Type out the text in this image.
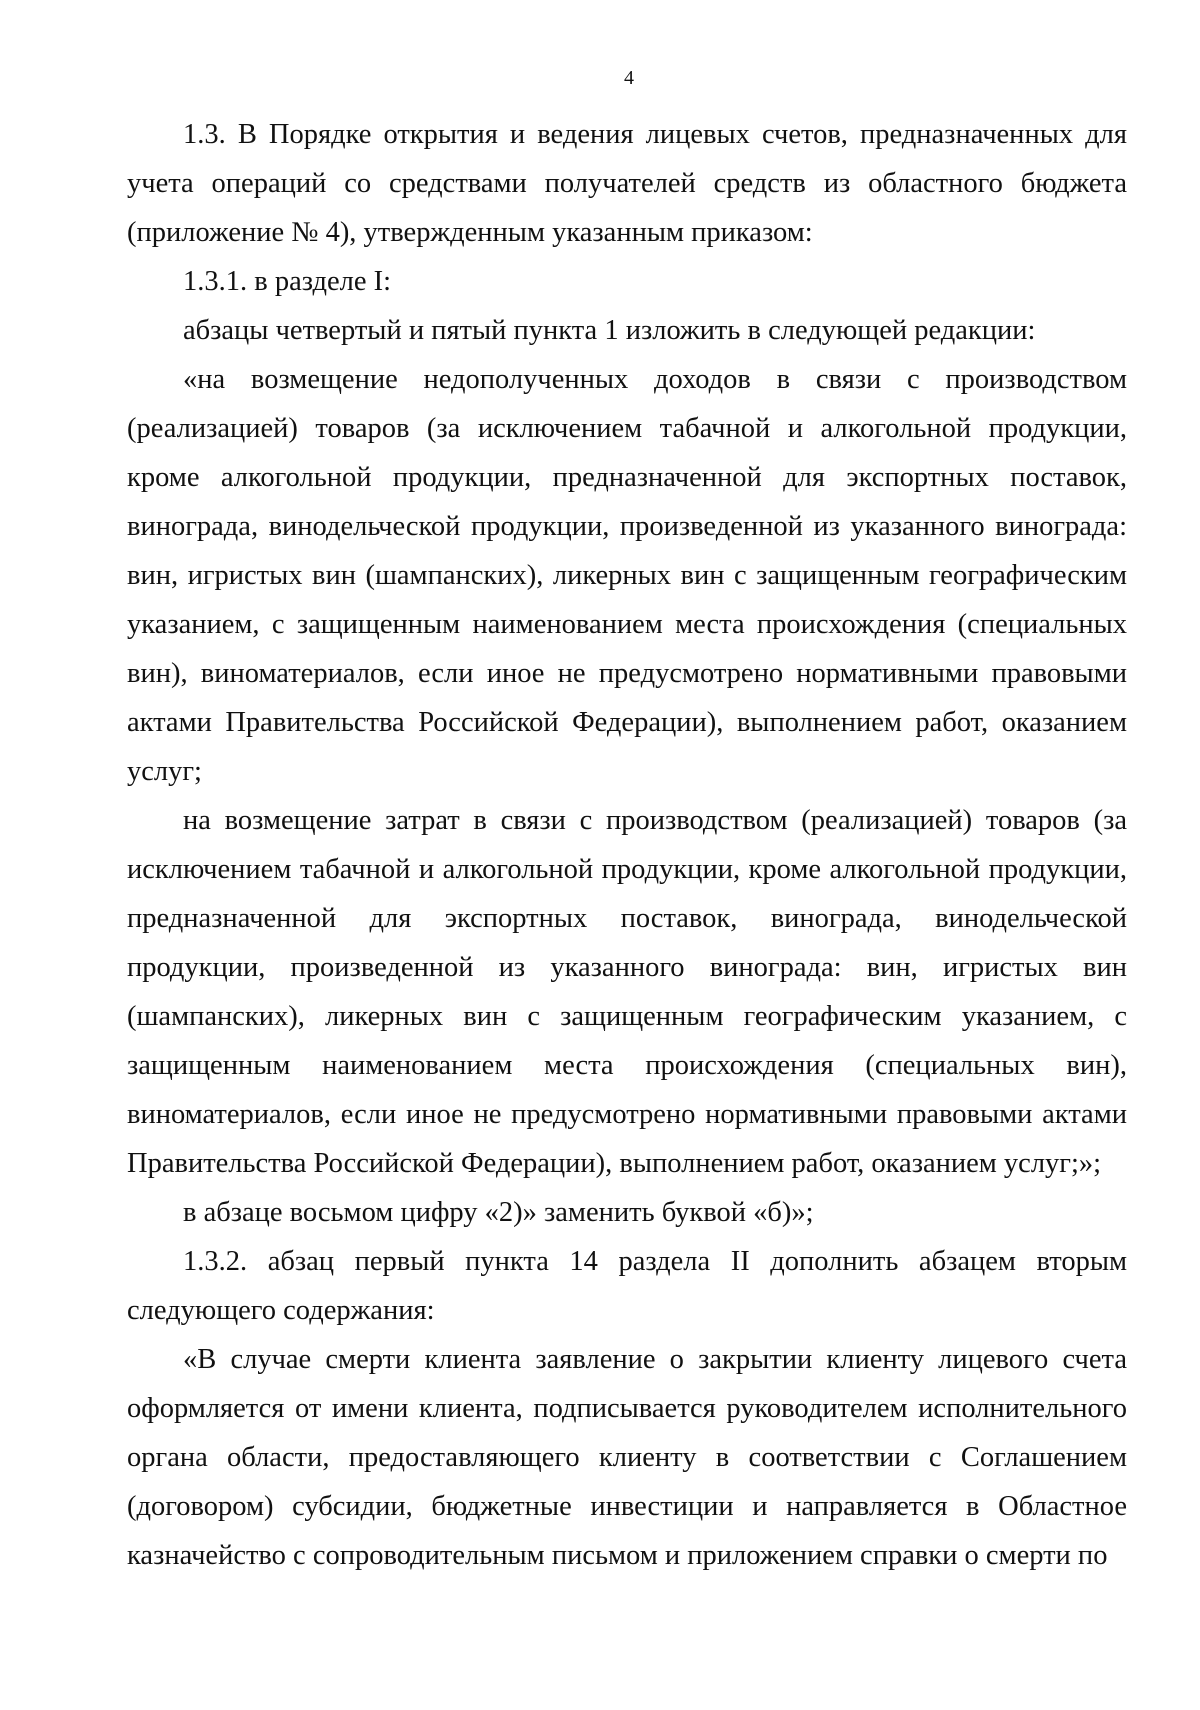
4

1.3. В Порядке открытия и ведения лицевых счетов, предназначенных для учета операций со средствами получателей средств из областного бюджета (приложение № 4), утвержденным указанным приказом:

1.3.1. в разделе I:

абзацы четвертый и пятый пункта 1 изложить в следующей редакции:

«на возмещение недополученных доходов в связи с производством (реализацией) товаров (за исключением табачной и алкогольной продукции, кроме алкогольной продукции, предназначенной для экспортных поставок, винограда, винодельческой продукции, произведенной из указанного винограда: вин, игристых вин (шампанских), ликерных вин с защищенным географическим указанием, с защищенным наименованием места происхождения (специальных вин), виноматериалов, если иное не предусмотрено нормативными правовыми актами Правительства Российской Федерации), выполнением работ, оказанием услуг;

на возмещение затрат в связи с производством (реализацией) товаров (за исключением табачной и алкогольной продукции, кроме алкогольной продукции, предназначенной для экспортных поставок, винограда, винодельческой продукции, произведенной из указанного винограда: вин, игристых вин (шампанских), ликерных вин с защищенным географическим указанием, с защищенным наименованием места происхождения (специальных вин), виноматериалов, если иное не предусмотрено нормативными правовыми актами Правительства Российской Федерации), выполнением работ, оказанием услуг;»;

в абзаце восьмом цифру «2)» заменить буквой «б)»;

1.3.2. абзац первый пункта 14 раздела II дополнить абзацем вторым следующего содержания:

«В случае смерти клиента заявление о закрытии клиенту лицевого счета оформляется от имени клиента, подписывается руководителем исполнительного органа области, предоставляющего клиенту в соответствии с Соглашением (договором) субсидии, бюджетные инвестиции и направляется в Областное казначейство с сопроводительным письмом и приложением справки о смерти по
